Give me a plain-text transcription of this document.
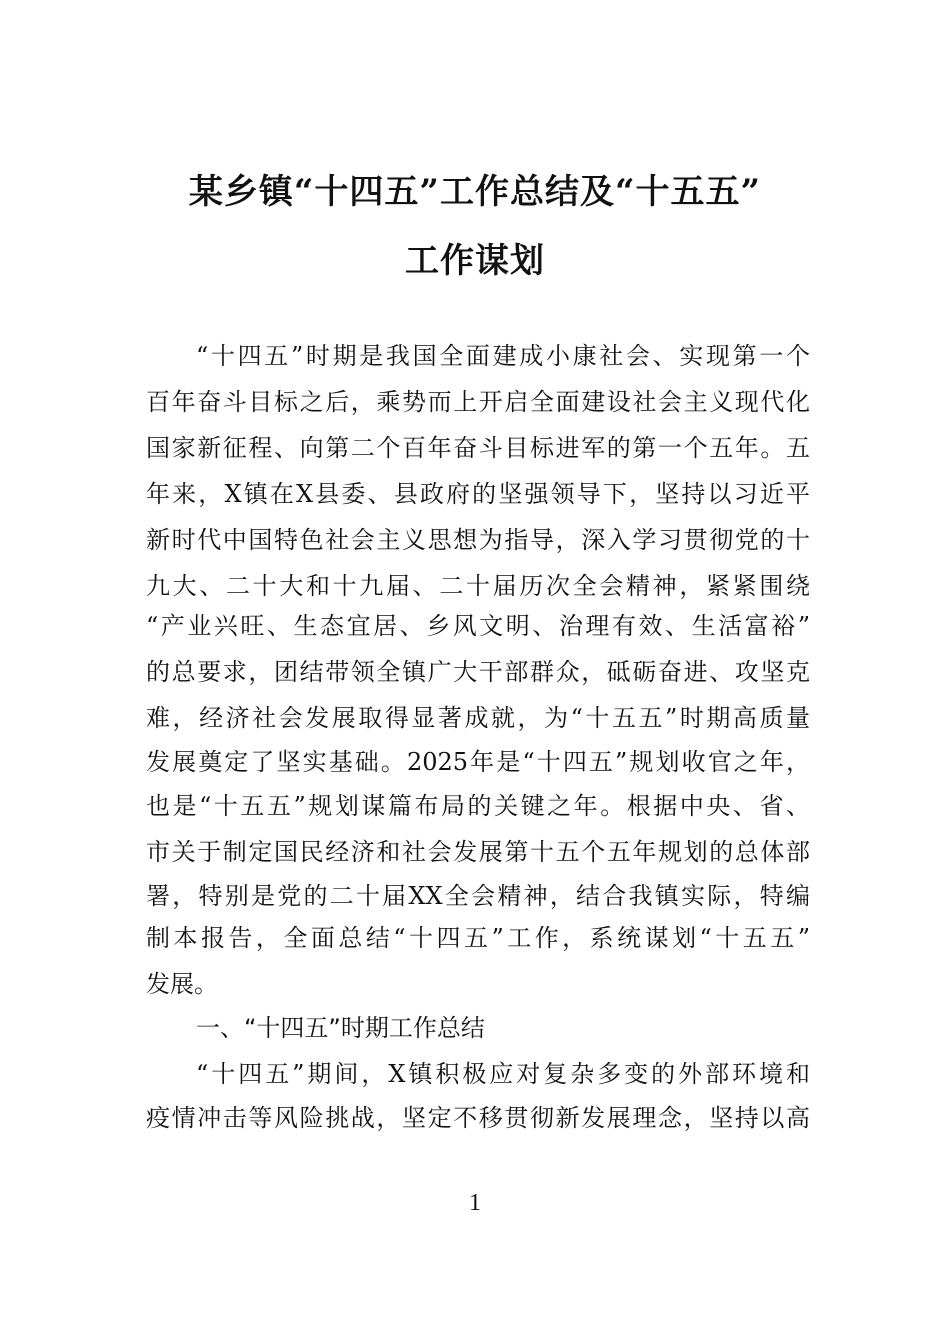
某乡镇“十四五”工作总结及“十五五”
工作谋划
“十四五”时期是我国全面建成小康社会、实现第一个
百年奋斗目标之后，乘势而上开启全面建设社会主义现代化
国家新征程、向第二个百年奋斗目标进军的第一个五年。五
年来，X镇在X县委、县政府的坚强领导下，坚持以习近平
新时代中国特色社会主义思想为指导，深入学习贯彻党的十
九大、二十大和十九届、二十届历次全会精神，紧紧围绕
“产业兴旺、生态宜居、乡风文明、治理有效、生活富裕”
的总要求，团结带领全镇广大干部群众，砥砺奋进、攻坚克
难，经济社会发展取得显著成就，为“十五五”时期高质量
发展奠定了坚实基础。2025年是“十四五”规划收官之年，
也是“十五五”规划谋篇布局的关键之年。根据中央、省、
市关于制定国民经济和社会发展第十五个五年规划的总体部
署，特别是党的二十届XX全会精神，结合我镇实际，特编
制本报告，全面总结“十四五”工作，系统谋划“十五五”
发展。
一、“十四五”时期工作总结
“十四五”期间，X镇积极应对复杂多变的外部环境和
疫情冲击等风险挑战，坚定不移贯彻新发展理念，坚持以高
1
